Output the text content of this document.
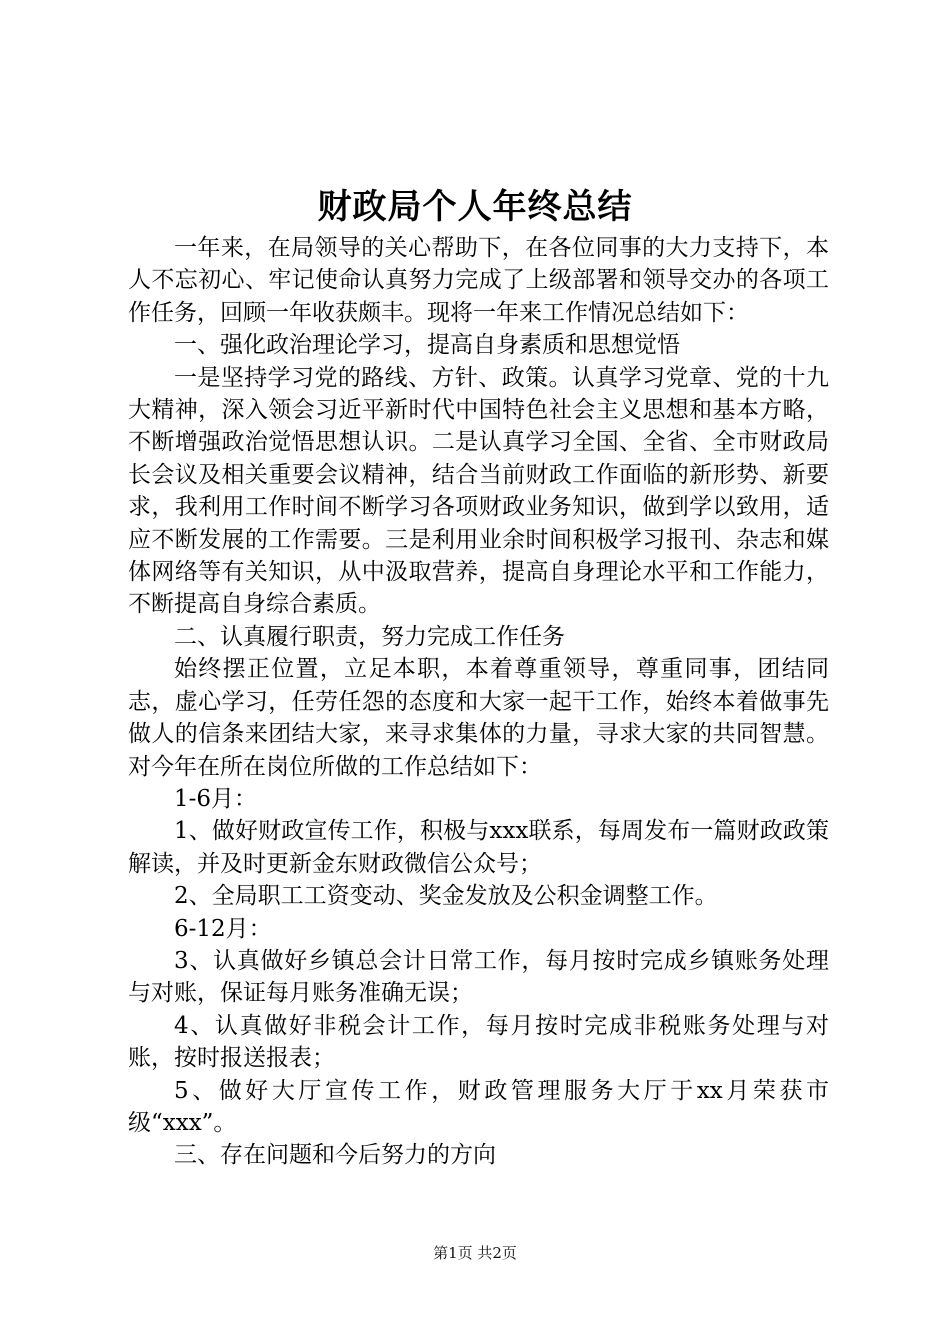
财政局个人年终总结

一年来，在局领导的关心帮助下，在各位同事的大力支持下，本人不忘初心、牢记使命认真努力完成了上级部署和领导交办的各项工作任务，回顾一年收获颇丰。现将一年来工作情况总结如下：

一、强化政治理论学习，提高自身素质和思想觉悟

一是坚持学习党的路线、方针、政策。认真学习党章、党的十九大精神，深入领会习近平新时代中国特色社会主义思想和基本方略，不断增强政治觉悟思想认识。二是认真学习全国、全省、全市财政局长会议及相关重要会议精神，结合当前财政工作面临的新形势、新要求，我利用工作时间不断学习各项财政业务知识，做到学以致用，适应不断发展的工作需要。三是利用业余时间积极学习报刊、杂志和媒体网络等有关知识，从中汲取营养，提高自身理论水平和工作能力，不断提高自身综合素质。

二、认真履行职责，努力完成工作任务

始终摆正位置，立足本职，本着尊重领导，尊重同事，团结同志，虚心学习，任劳任怨的态度和大家一起干工作，始终本着做事先做人的信条来团结大家，来寻求集体的力量，寻求大家的共同智慧。对今年在所在岗位所做的工作总结如下：

1-6月：

1、做好财政宣传工作，积极与xxx联系，每周发布一篇财政政策解读，并及时更新金东财政微信公众号；

2、全局职工工资变动、奖金发放及公积金调整工作。

6-12月：

3、认真做好乡镇总会计日常工作，每月按时完成乡镇账务处理与对账，保证每月账务准确无误；

4、认真做好非税会计工作，每月按时完成非税账务处理与对账，按时报送报表；

5、做好大厅宣传工作，财政管理服务大厅于xx月荣获市级“xxx”。

三、存在问题和今后努力的方向

第1页 共2页
